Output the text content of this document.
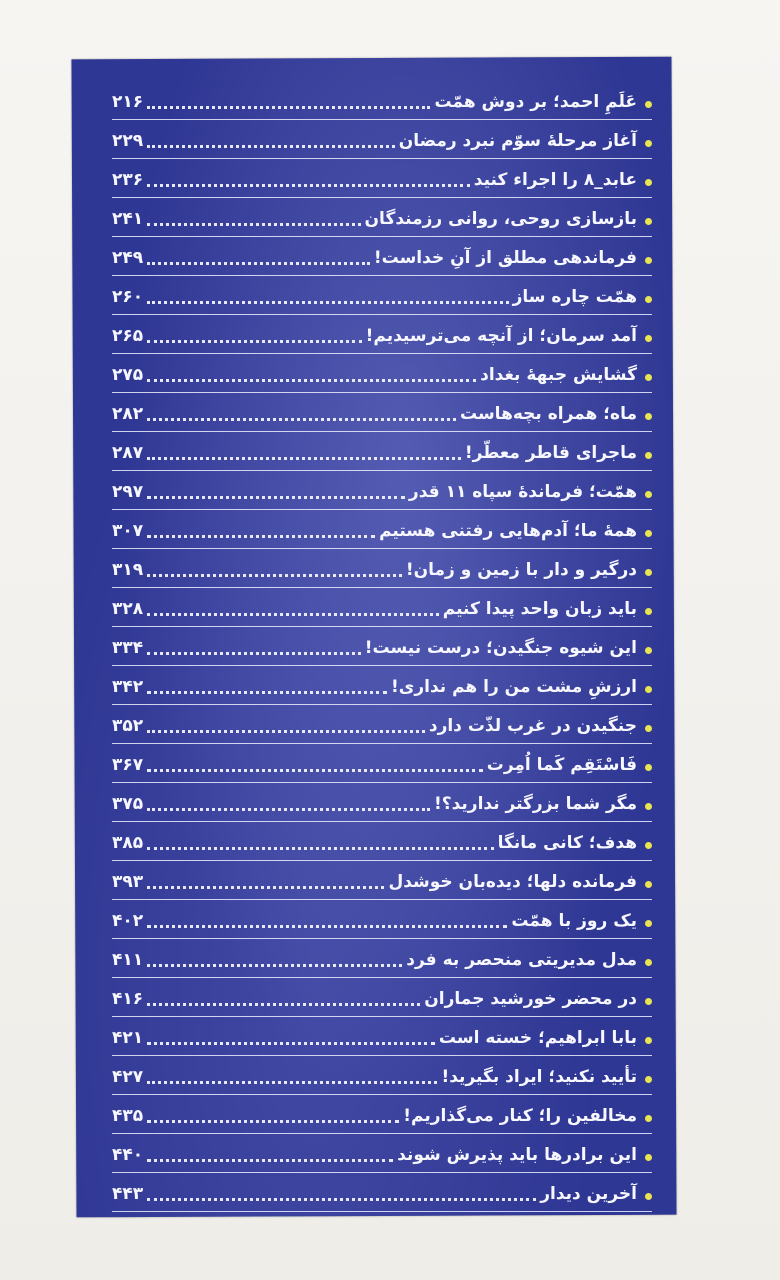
عَلَمِ احمد؛ بر دوش همّت
۲۱۶
آغاز مرحلهٔ سوّم نبرد رمضان
۲۲۹
عابد_۸ را اجراء کنید
۲۳۶
بازسازی روحی، روانی رزمندگان
۲۴۱
فرماندهی مطلق از آنِ خداست!
۲۴۹
همّت چاره ساز
۲۶۰
آمد سرمان؛ از آنچه می‌ترسیدیم!
۲۶۵
گشایش جبههٔ بغداد
۲۷۵
ماه؛ همراه بچه‌هاست
۲۸۲
ماجرای قاطر معطّر!
۲۸۷
همّت؛ فرماندهٔ سپاه ۱۱ قدر
۲۹۷
همهٔ ما؛ آدم‌هایی رفتنی هستیم
۳۰۷
درگیر و دار با زمین و زمان!
۳۱۹
باید زبان واحد پیدا کنیم
۳۲۸
این شیوه جنگیدن؛ درست نیست!
۳۳۴
ارزشِ مشت من را هم نداری!
۳۴۲
جنگیدن در غرب لذّت دارد
۳۵۲
فَاسْتَقِم کَما اُمِرت
۳۶۷
مگر شما بزرگتر ندارید؟!
۳۷۵
هدف؛ کانی مانگا
۳۸۵
فرمانده دلها؛ دیده‌بان خوشدل
۳۹۳
یک روز با همّت
۴۰۲
مدل مدیریتی منحصر به فرد
۴۱۱
در محضر خورشید جماران
۴۱۶
بابا ابراهیم؛ خسته است
۴۲۱
تأیید نکنید؛ ایراد بگیرید!
۴۲۷
مخالفین را؛ کنار می‌گذاریم!
۴۳۵
این برادرها باید پذیرش شوند
۴۴۰
آخرین دیدار
۴۴۳
